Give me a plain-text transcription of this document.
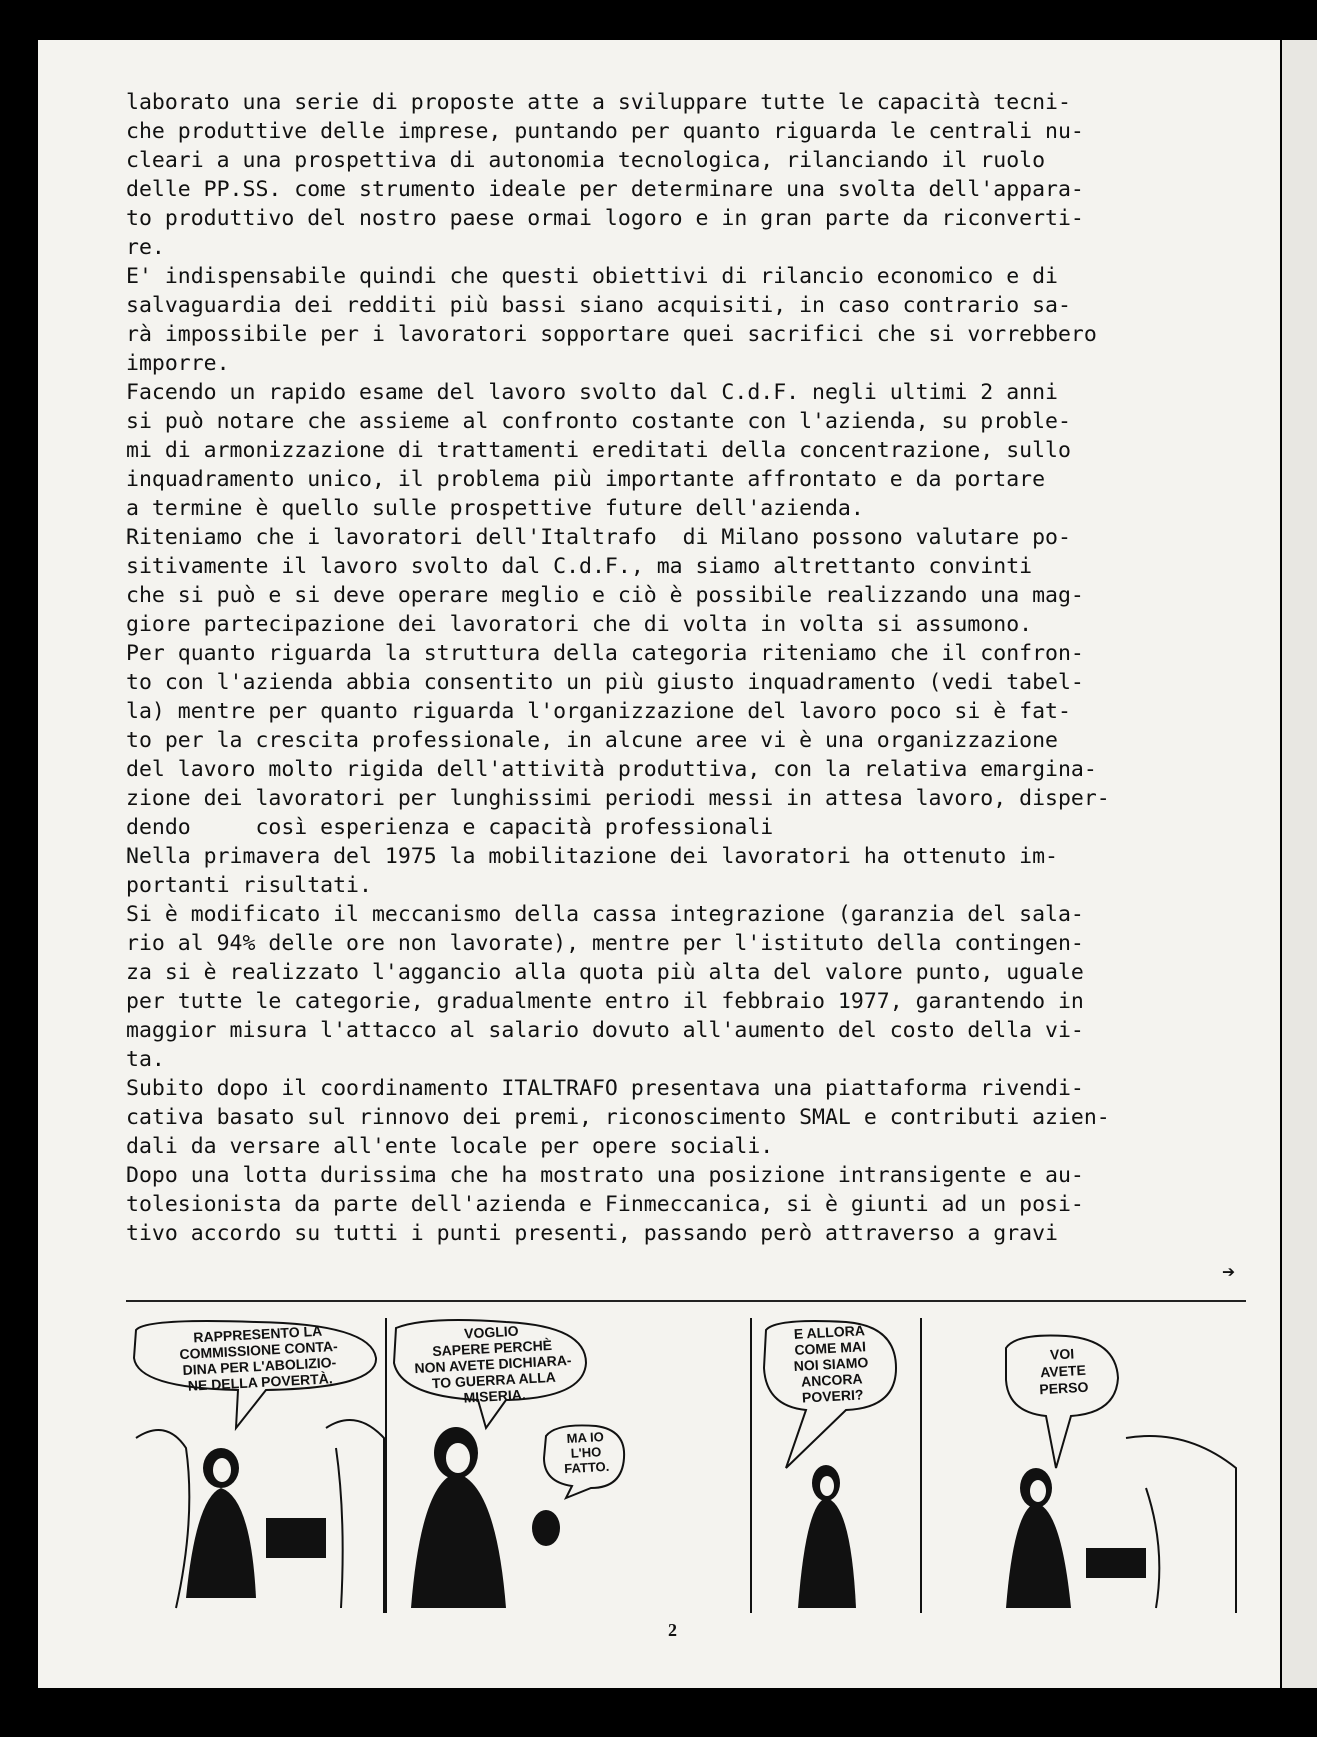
laborato una serie di proposte atte a sviluppare tutte le capacità tecni-
che produttive delle imprese, puntando per quanto riguarda le centrali nu-
cleari a una prospettiva di autonomia tecnologica, rilanciando il ruolo
delle PP.SS. come strumento ideale per determinare una svolta dell'appara-
to produttivo del nostro paese ormai logoro e in gran parte da riconverti-
re.
E' indispensabile quindi che questi obiettivi di rilancio economico e di
salvaguardia dei redditi più bassi siano acquisiti, in caso contrario sa-
rà impossibile per i lavoratori sopportare quei sacrifici che si vorrebbero
imporre.
Facendo un rapido esame del lavoro svolto dal C.d.F. negli ultimi 2 anni
si può notare che assieme al confronto costante con l'azienda, su proble-
mi di armonizzazione di trattamenti ereditati della concentrazione, sullo
inquadramento unico, il problema più importante affrontato e da portare
a termine è quello sulle prospettive future dell'azienda.
Riteniamo che i lavoratori dell'Italtrafo  di Milano possono valutare po-
sitivamente il lavoro svolto dal C.d.F., ma siamo altrettanto convinti
che si può e si deve operare meglio e ciò è possibile realizzando una mag-
giore partecipazione dei lavoratori che di volta in volta si assumono.
Per quanto riguarda la struttura della categoria riteniamo che il confron-
to con l'azienda abbia consentito un più giusto inquadramento (vedi tabel-
la) mentre per quanto riguarda l'organizzazione del lavoro poco si è fat-
to per la crescita professionale, in alcune aree vi è una organizzazione
del lavoro molto rigida dell'attività produttiva, con la relativa emargina-
zione dei lavoratori per lunghissimi periodi messi in attesa lavoro, disper-
dendo     così esperienza e capacità professionali
Nella primavera del 1975 la mobilitazione dei lavoratori ha ottenuto im-
portanti risultati.
Si è modificato il meccanismo della cassa integrazione (garanzia del sala-
rio al 94% delle ore non lavorate), mentre per l'istituto della contingen-
za si è realizzato l'aggancio alla quota più alta del valore punto, uguale
per tutte le categorie, gradualmente entro il febbraio 1977, garantendo in
maggior misura l'attacco al salario dovuto all'aumento del costo della vi-
ta.
Subito dopo il coordinamento ITALTRAFO presentava una piattaforma rivendi-
cativa basato sul rinnovo dei premi, riconoscimento SMAL e contributi azien-
dali da versare all'ente locale per opere sociali.
Dopo una lotta durissima che ha mostrato una posizione intransigente e au-
tolesionista da parte dell'azienda e Finmeccanica, si è giunti ad un posi-
tivo accordo su tutti i punti presenti, passando però attraverso a gravi
➔
RAPPRESENTO LA
COMMISSIONE CONTA-
DINA PER L'ABOLIZIO-
NE DELLA POVERTÀ.
VOGLIO
SAPERE PERCHÈ
NON AVETE DICHIARA-
TO GUERRA ALLA
MISERIA.
MA IO
L'HO
FATTO.
E ALLORA
COME MAI
NOI SIAMO
ANCORA
POVERI?
VOI
AVETE
PERSO
2
